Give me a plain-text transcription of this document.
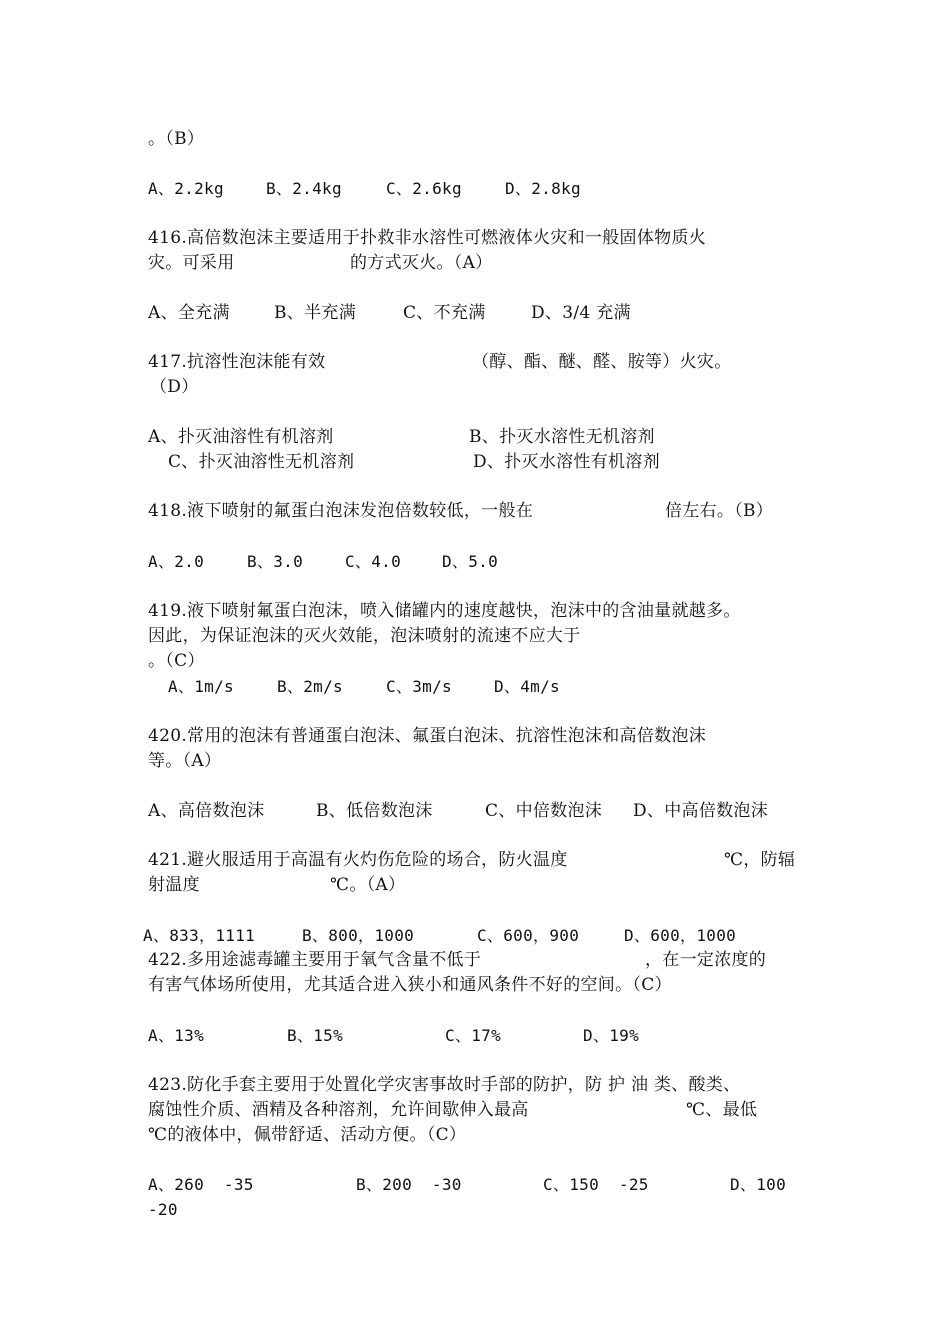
。（B）
A、2.2kg	B、2.4kg	C、2.6kg	D、2.8kg
416.高倍数泡沫主要适用于扑救非水溶性可燃液体火灾和一般固体物质火
灾。可采用	的方式灭火。（A）
A、全充满	B、半充满	C、不充满	D、3/4 充满
417.抗溶性泡沫能有效	（醇、酯、醚、醛、胺等）火灾。
（D）
A、扑灭油溶性有机溶剂	B、扑灭水溶性无机溶剂
C、扑灭油溶性无机溶剂	D、扑灭水溶性有机溶剂
418.液下喷射的氟蛋白泡沫发泡倍数较低，一般在	倍左右。（B）
A、2.0	B、3.0	C、4.0	D、5.0
419.液下喷射氟蛋白泡沫，喷入储罐内的速度越快，泡沫中的含油量就越多。
因此，为保证泡沫的灭火效能，泡沫喷射的流速不应大于
。（C）
A、1m/s	B、2m/s	C、3m/s	D、4m/s
420.常用的泡沫有普通蛋白泡沫、氟蛋白泡沫、抗溶性泡沫和高倍数泡沫
等。（A）
A、高倍数泡沫	B、低倍数泡沫	C、中倍数泡沫 D、中高倍数泡沫
421.避火服适用于高温有火灼伤危险的场合，防火温度	℃，防辐
射温度	℃。（A）
A、833，1111	B、800，1000	C、600，900	D、600，1000
422.多用途滤毒罐主要用于氧气含量不低于	，在一定浓度的
有害气体场所使用，尤其适合进入狭小和通风条件不好的空间。（C）
A、13%	B、15%	C、17%	D、19%
423.防化手套主要用于处置化学灾害事故时手部的防护，防 护 油 类、酸类、
腐蚀性介质、酒精及各种溶剂，允许间歇伸入最高	℃、最低
℃的液体中，佩带舒适、活动方便。（C）
A、260  -35	B、200  -30	C、150  -25	D、100
-20
